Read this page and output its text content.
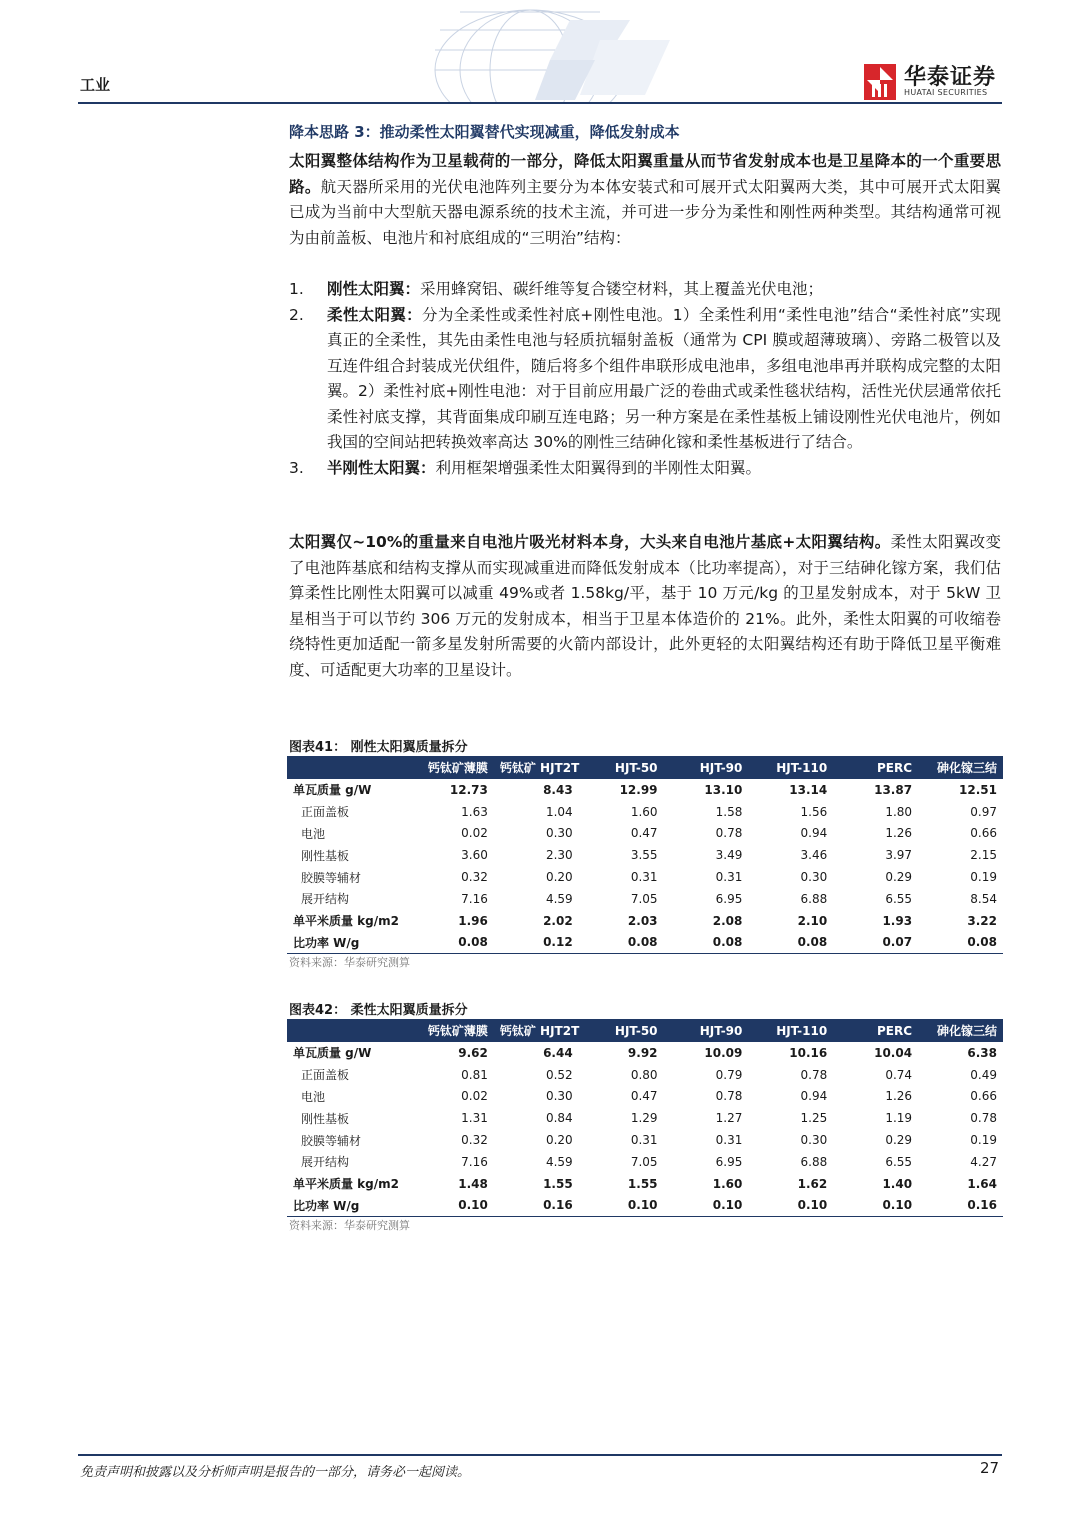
工业	华泰证券
HUATAI SECURITIES
降本思路 3：推动柔性太阳翼替代实现减重，降低发射成本
太阳翼整体结构作为卫星载荷的一部分，降低太阳翼重量从而节省发射成本也是卫星降本的一个重要思路。航天器所采用的光伏电池阵列主要分为本体安装式和可展开式太阳翼两大类，其中可展开式太阳翼已成为当前中大型航天器电源系统的技术主流，并可进一步分为柔性和刚性两种类型。其结构通常可视为由前盖板、电池片和衬底组成的“三明治”结构：
1. 刚性太阳翼：采用蜂窝铝、碳纤维等复合镂空材料，其上覆盖光伏电池；
2. 柔性太阳翼：分为全柔性或柔性衬底+刚性电池。1）全柔性利用“柔性电池”结合“柔性衬底”实现真正的全柔性，其先由柔性电池与轻质抗辐射盖板（通常为 CPI 膜或超薄玻璃）、旁路二极管以及互连件组合封装成光伏组件，随后将多个组件串联形成电池串，多组电池串再并联构成完整的太阳翼。2）柔性衬底+刚性电池：对于目前应用最广泛的卷曲式或柔性毯状结构，活性光伏层通常依托柔性衬底支撑，其背面集成印刷互连电路；另一种方案是在柔性基板上铺设刚性光伏电池片，例如我国的空间站把转换效率高达 30%的刚性三结砷化镓和柔性基板进行了结合。
3. 半刚性太阳翼：利用框架增强柔性太阳翼得到的半刚性太阳翼。
太阳翼仅~10%的重量来自电池片吸光材料本身，大头来自电池片基底+太阳翼结构。柔性太阳翼改变了电池阵基底和结构支撑从而实现减重进而降低发射成本（比功率提高），对于三结砷化镓方案，我们估算柔性比刚性太阳翼可以减重 49%或者 1.58kg/平，基于 10 万元/kg 的卫星发射成本，对于 5kW 卫星相当于可以节约 306 万元的发射成本，相当于卫星本体造价的 21%。此外，柔性太阳翼的可收缩卷绕特性更加适配一箭多星发射所需要的火箭内部设计，此外更轻的太阳翼结构还有助于降低卫星平衡难度、可适配更大功率的卫星设计。
图表41： 刚性太阳翼质量拆分
	钙钛矿薄膜	钙钛矿 HJT2T	HJT-50	HJT-90	HJT-110	PERC	砷化镓三结
单瓦质量 g/W	12.73	8.43	12.99	13.10	13.14	13.87	12.51
正面盖板	1.63	1.04	1.60	1.58	1.56	1.80	0.97
电池	0.02	0.30	0.47	0.78	0.94	1.26	0.66
刚性基板	3.60	2.30	3.55	3.49	3.46	3.97	2.15
胶膜等辅材	0.32	0.20	0.31	0.31	0.30	0.29	0.19
展开结构	7.16	4.59	7.05	6.95	6.88	6.55	8.54
单平米质量 kg/m2	1.96	2.02	2.03	2.08	2.10	1.93	3.22
比功率 W/g	0.08	0.12	0.08	0.08	0.08	0.07	0.08
资料来源：华泰研究测算
图表42： 柔性太阳翼质量拆分
	钙钛矿薄膜	钙钛矿 HJT2T	HJT-50	HJT-90	HJT-110	PERC	砷化镓三结
单瓦质量 g/W	9.62	6.44	9.92	10.09	10.16	10.04	6.38
正面盖板	0.81	0.52	0.80	0.79	0.78	0.74	0.49
电池	0.02	0.30	0.47	0.78	0.94	1.26	0.66
刚性基板	1.31	0.84	1.29	1.27	1.25	1.19	0.78
胶膜等辅材	0.32	0.20	0.31	0.31	0.30	0.29	0.19
展开结构	7.16	4.59	7.05	6.95	6.88	6.55	4.27
单平米质量 kg/m2	1.48	1.55	1.55	1.60	1.62	1.40	1.64
比功率 W/g	0.10	0.16	0.10	0.10	0.10	0.10	0.16
资料来源：华泰研究测算
免责声明和披露以及分析师声明是报告的一部分，请务必一起阅读。	27
